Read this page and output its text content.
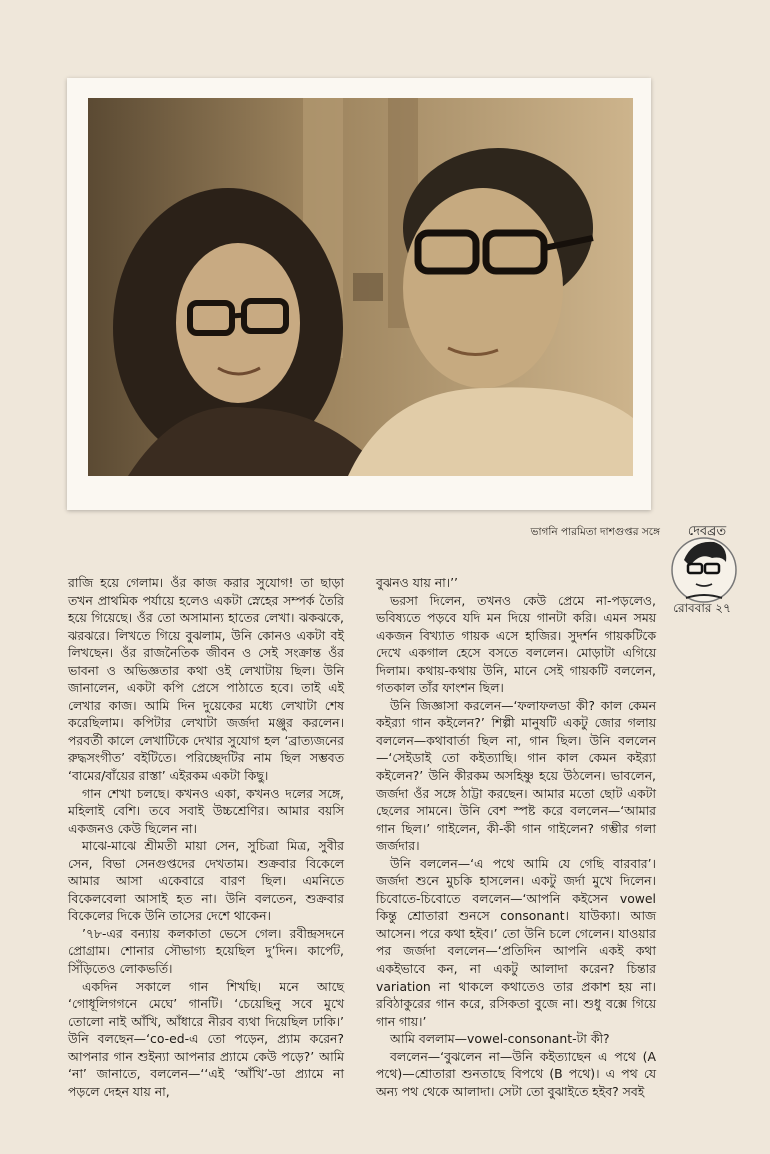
ভাগনি পারমিতা দাশগুপ্তর সঙ্গে	দেবব্রত
রোববার ২৭

রাজি হয়ে গেলাম। ওঁর কাজ করার সুযোগ! তা ছাড়া তখন প্রাথমিক পর্যায়ে হলেও একটা স্নেহের সম্পর্ক তৈরি হয়ে গিয়েছে। ওঁর তো অসামান্য হাতের লেখা। ঝকঝকে, ঝরঝরে। লিখতে গিয়ে বুঝলাম, উনি কোনও একটা বই লিখছেন। ওঁর রাজনৈতিক জীবন ও সেই সংক্রান্ত ওঁর ভাবনা ও অভিজ্ঞতার কথা ওই লেখাটায় ছিল। উনি জানালেন, একটা কপি প্রেসে পাঠাতে হবে। তাই এই লেখার কাজ। আমি দিন দুয়েকের মধ্যে লেখাটা শেষ করেছিলাম। কপিটার লেখাটা জর্জদা মঞ্জুর করলেন। পরবর্তী কালে লেখাটিকে দেখার সুযোগ হল ‘ব্রাত্যজনের রুদ্ধসংগীত’ বইটিতে। পরিচ্ছেদটির নাম ছিল সম্ভবত ‘বামের/বাঁয়ের রাস্তা’ এইরকম একটা কিছু।

গান শেখা চলছে। কখনও একা, কখনও দলের সঙ্গে, মহিলাই বেশি। তবে সবাই উচ্চশ্রেণির। আমার বয়সি একজনও কেউ ছিলেন না।

মাঝে-মাঝে শ্রীমতী মায়া সেন, সুচিত্রা মিত্র, সুবীর সেন, বিভা সেনগুপ্তদের দেখতাম। শুক্রবার বিকেলে আমার আসা একেবারে বারণ ছিল। এমনিতে বিকেলবেলা আসাই হত না। উনি বলতেন, শুক্রবার বিকেলের দিকে উনি তাসের দেশে থাকেন।

’৭৮-এর বন্যায় কলকাতা ভেসে গেল। রবীন্দ্রসদনে প্রোগ্রাম। শোনার সৌভাগ্য হয়েছিল দু’দিন। কার্পেট, সিঁড়িতেও লোকভর্তি।

একদিন সকালে গান শিখছি। মনে আছে ‘গোধূলিগগনে মেঘে’ গানটি। ‘চেয়েছিনু সবে মুখে তোলো নাই আঁখি, আঁধারে নীরব ব্যথা দিয়েছিল ঢাকি।’ উনি বলছেন—‘co-ed-এ তো পড়েন, প্র্যাম করেন? আপনার গান শুইন্যা আপনার প্র্যামে কেউ পড়ে?’ আমি ‘না’ জানাতে, বললেন—‘‘এই ‘আঁখি’-ডা প্র্যামে না পড়লে দেহন যায় না,

বুঝনও যায় না।’’

ভরসা দিলেন, তখনও কেউ প্রেমে না-পড়লেও, ভবিষ্যতে পড়বে যদি মন দিয়ে গানটা করি। এমন সময় একজন বিখ্যাত গায়ক এসে হাজির। সুদর্শন গায়কটিকে দেখে একগাল হেসে বসতে বললেন। মোড়াটা এগিয়ে দিলাম। কথায়-কথায় উনি, মানে সেই গায়কটি বললেন, গতকাল তাঁর ফাংশন ছিল।

উনি জিজ্ঞাসা করলেন—‘ফলাফলডা কী? কাল কেমন কইর‍্যা গান কইলেন?’ শিল্পী মানুষটি একটু জোর গলায় বললেন—কথাবার্তা ছিল না, গান ছিল। উনি বললেন—‘সেইডাই তো কইত্যাছি। গান কাল কেমন কইর‍্যা কইলেন?’ উনি কীরকম অসহিষ্ণু হয়ে উঠলেন। ভাবলেন, জর্জদা ওঁর সঙ্গে ঠাট্টা করছেন। আমার মতো ছোট একটা ছেলের সামনে। উনি বেশ স্পষ্ট করে বললেন—‘আমার গান ছিল।’ গাইলেন, কী-কী গান গাইলেন? গম্ভীর গলা জর্জদার।

উনি বললেন—‘এ পথে আমি যে গেছি বারবার’। জর্জদা শুনে মুচকি হাসলেন। একটু জর্দা মুখে দিলেন। চিবোতে-চিবোতে বললেন—‘আপনি কইসেন vowel কিন্তু শ্রোতারা শুনসে consonant। যাউক্যা। আজ আসেন। পরে কথা হইব।’ তো উনি চলে গেলেন। যাওয়ার পর জর্জদা বললেন—‘প্রতিদিন আপনি একই কথা একইভাবে কন, না একটু আলাদা করেন? চিন্তার variation না থাকলে কথাতেও তার প্রকাশ হয় না। রবিঠাকুরের গান করে, রসিকতা বুজে না। শুধু বক্সে গিয়ে গান গায়।’

আমি বললাম—vowel-consonant-টা কী?

বললেন—‘বুঝলেন না—উনি কইত্যাছেন এ পথে (A পথে)—শ্রোতারা শুনতাছে বিপথে (B পথে)। এ পথ যে অন্য পথ থেকে আলাদা। সেটা তো বুঝাইতে হইব? সবই
